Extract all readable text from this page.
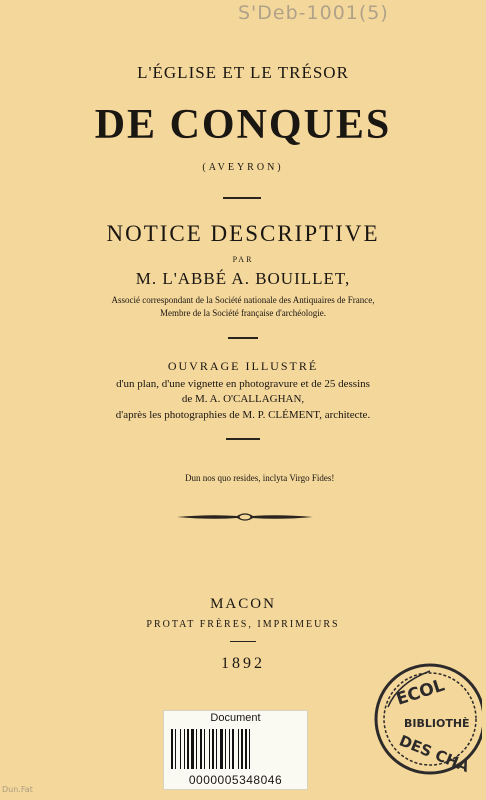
S'Deb-1001(5)
L'ÉGLISE ET LE TRÉSOR
DE CONQUES
(AVEYRON)
NOTICE DESCRIPTIVE
PAR
M. L'ABBÉ A. BOUILLET,
Associé correspondant de la Société nationale des Antiquaires de France,
Membre de la Société française d'archéologie.
OUVRAGE ILLUSTRÉ
d'un plan, d'une vignette en photogravure et de 25 dessins
de M. A. O'CALLAGHAN,
d'après les photographies de M. P. CLÉMENT, architecte.
Dun nos quo resides, inclyta Virgo Fides!
MACON
PROTAT FRÈRES, IMPRIMEURS
1892
ECOL
BIBLIOTHÈ
DES CHA
Document
0000005348046
Dun.Fat
